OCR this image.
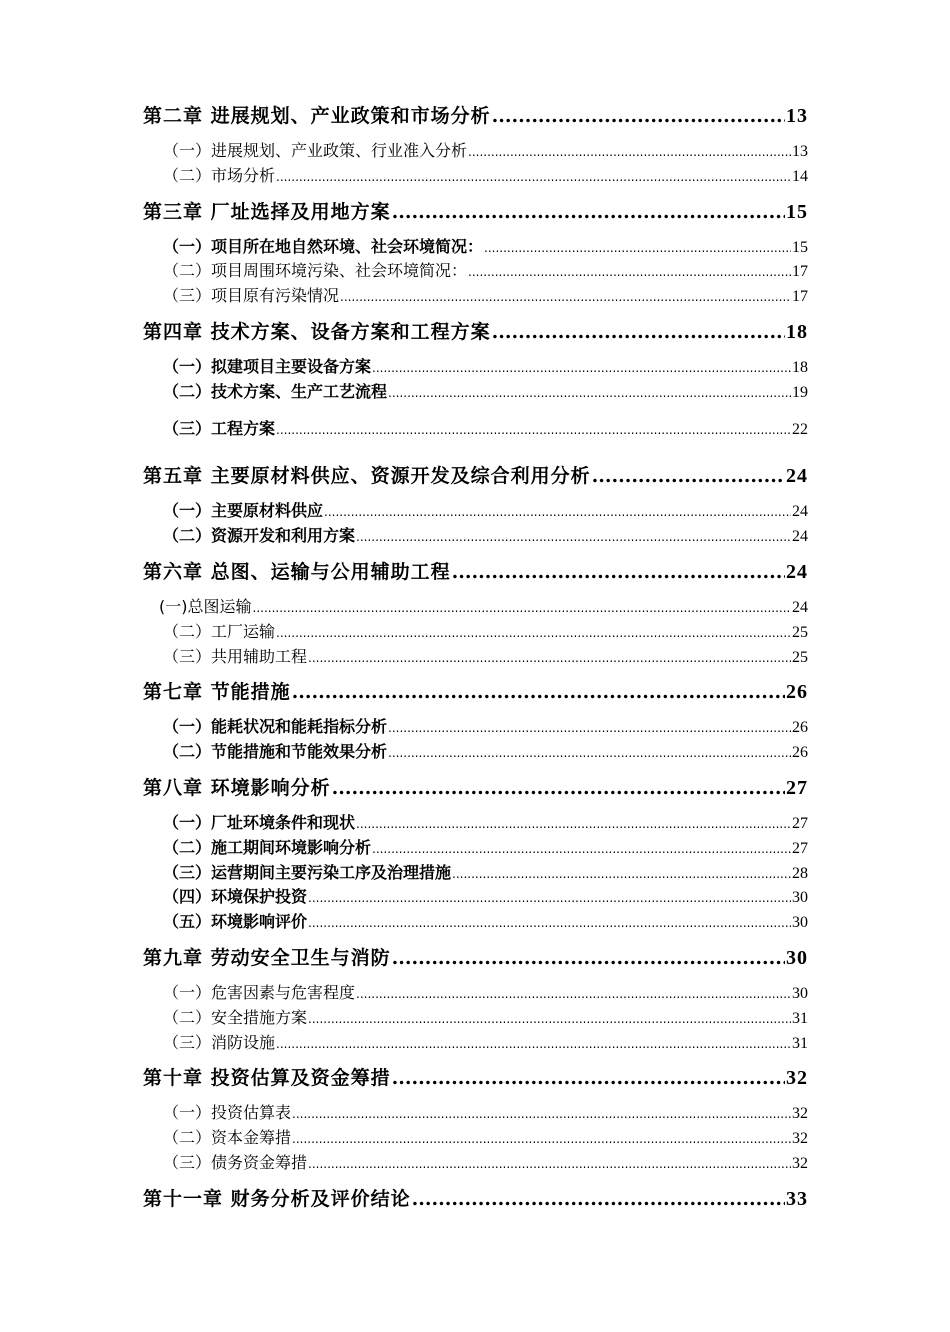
第二章 进展规划、产业政策和市场分析 .....	13
（一）进展规划、产业政策、行业准入分析 .....	13
（二）市场分析 .....	14
第三章 厂址选择及用地方案 .....	15
（一）项目所在地自然环境、社会环境简况： .....	15
（二）项目周围环境污染、社会环境简况： .....	17
（三）项目原有污染情况 .....	17
第四章 技术方案、设备方案和工程方案 .....	18
（一）拟建项目主要设备方案 .....	18
（二）技术方案、生产工艺流程 .....	19
（三）工程方案 .....	22
第五章 主要原材料供应、资源开发及综合利用分析 .....	24
（一）主要原材料供应 .....	24
（二）资源开发和利用方案 .....	24
第六章 总图、运输与公用辅助工程 .....	24
(一)总图运输 .....	24
（二）工厂运输 .....	25
（三）共用辅助工程 .....	25
第七章 节能措施 .....	26
（一）能耗状况和能耗指标分析 .....	26
（二）节能措施和节能效果分析 .....	26
第八章 环境影响分析 .....	27
（一）厂址环境条件和现状 .....	27
（二）施工期间环境影响分析 .....	27
（三）运营期间主要污染工序及治理措施 .....	28
（四）环境保护投资 .....	30
（五）环境影响评价 .....	30
第九章 劳动安全卫生与消防 .....	30
（一）危害因素与危害程度 .....	30
（二）安全措施方案 .....	31
（三）消防设施 .....	31
第十章 投资估算及资金筹措 .....	32
（一）投资估算表 .....	32
（二）资本金筹措 .....	32
（三）债务资金筹措 .....	32
第十一章 财务分析及评价结论 .....	33
